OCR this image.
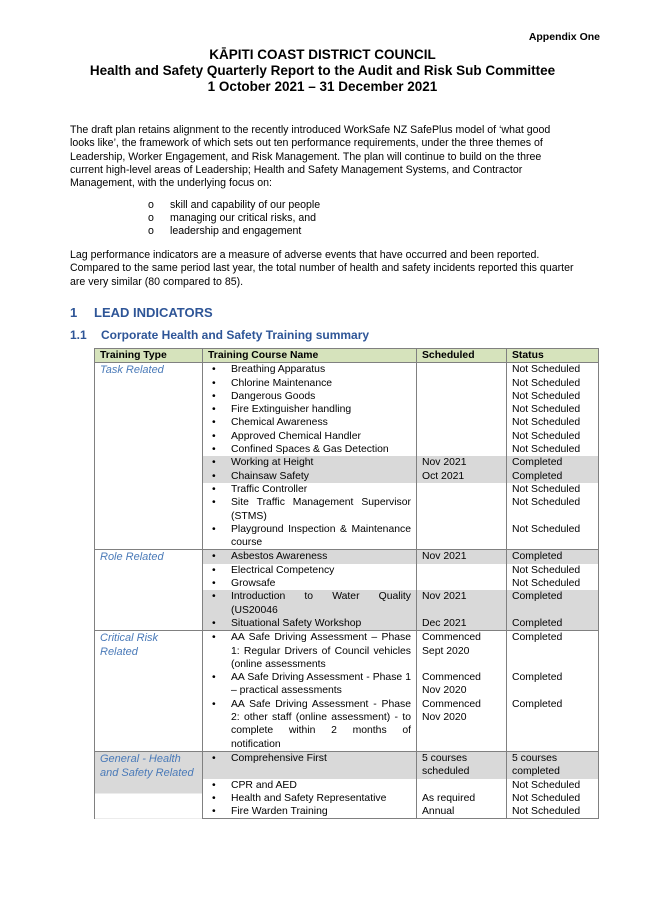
Appendix One
KĀPITI COAST DISTRICT COUNCIL
Health and Safety Quarterly Report to the Audit and Risk Sub Committee
1 October 2021 – 31 December 2021

The draft plan retains alignment to the recently introduced WorkSafe NZ SafePlus model of ‘what good looks like’, the framework of which sets out ten performance requirements, under the three themes of Leadership, Worker Engagement, and Risk Management. The plan will continue to build on the three current high-level areas of Leadership; Health and Safety Management Systems, and Contractor Management, with the underlying focus on:

o skill and capability of our people
o managing our critical risks, and
o leadership and engagement

Lag performance indicators are a measure of adverse events that have occurred and been reported. Compared to the same period last year, the total number of health and safety incidents reported this quarter are very similar (80 compared to 85).

1 LEAD INDICATORS
1.1 Corporate Health and Safety Training summary
Training Type	Training Course Name	Scheduled	Status
Task Related	• Breathing Apparatus		Not Scheduled

	• Chlorine Maintenance		Not Scheduled

	• Dangerous Goods		Not Scheduled

	• Fire Extinguisher handling		Not Scheduled

	• Chemical Awareness		Not Scheduled

	• Approved Chemical Handler		Not Scheduled

	• Confined Spaces & Gas Detection		Not Scheduled

	• Working at Height	Nov 2021	Completed

	• Chainsaw Safety	Oct 2021	Completed

	• Traffic Controller		Not Scheduled

	• Site Traffic Management Supervisor (STMS)		Not Scheduled

	• Playground Inspection & Maintenance course		Not Scheduled
Role Related	• Asbestos Awareness	Nov 2021	Completed

	• Electrical Competency		Not Scheduled

	• Growsafe		Not Scheduled

	• Introduction to Water Quality (US20046	Nov 2021	Completed

	• Situational Safety Workshop	Dec 2021	Completed
Critical Risk Related	• AA Safe Driving Assessment – Phase 1: Regular Drivers of Council vehicles (online assessments	Commenced Sept 2020	Completed

	• AA Safe Driving Assessment - Phase 1 – practical assessments	Commenced Nov 2020	Completed

	• AA Safe Driving Assessment - Phase 2: other staff (online assessment) - to complete within 2 months of notification	Commenced Nov 2020	Completed
General - Health and Safety Related	• Comprehensive First	5 courses scheduled	5 courses completed

	• CPR and AED		Not Scheduled

	• Health and Safety Representative	As required	Not Scheduled

	• Fire Warden Training	Annual	Not Scheduled
